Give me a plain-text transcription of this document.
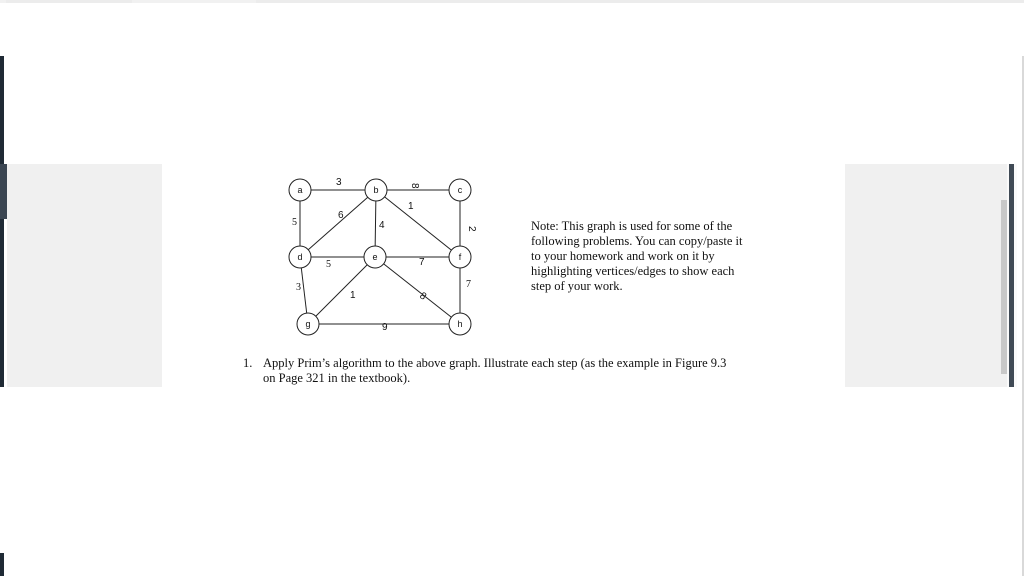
3	8
5
6
4
1
2
5	7
8
3
1
7
9
a	b	c
d	e	f
g	h
Note: This graph is used for some of the
following problems. You can copy/paste it
to your homework and work on it by
highlighting vertices/edges to show each
step of your work.
1. Apply Prim’s algorithm to the above graph. Illustrate each step (as the example in Figure 9.3
on Page 321 in the textbook).
